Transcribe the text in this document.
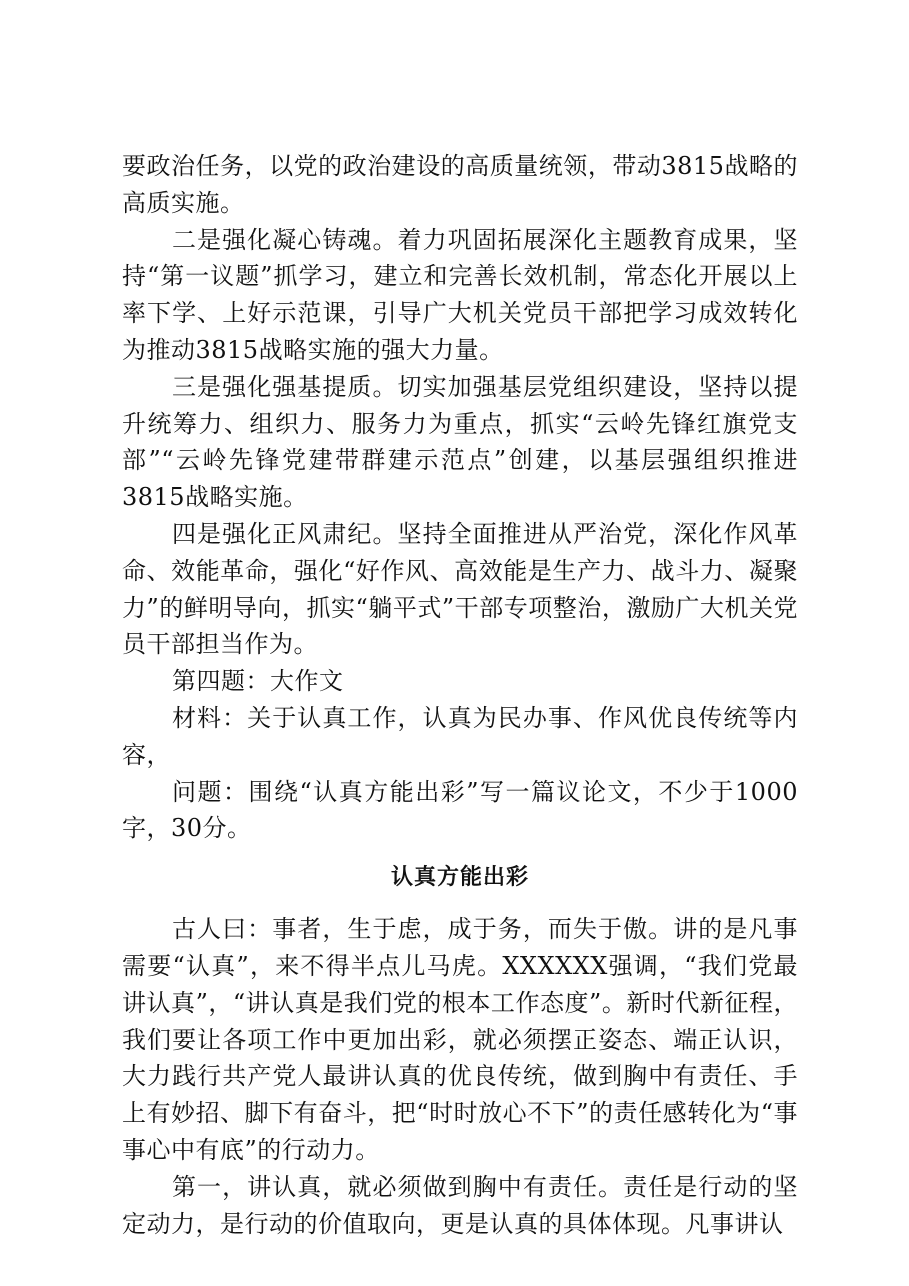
要政治任务，以党的政治建设的高质量统领，带动3815战略的高质实施。

二是强化凝心铸魂。着力巩固拓展深化主题教育成果，坚持“第一议题”抓学习，建立和完善长效机制，常态化开展以上率下学、上好示范课，引导广大机关党员干部把学习成效转化为推动3815战略实施的强大力量。

三是强化强基提质。切实加强基层党组织建设，坚持以提升统筹力、组织力、服务力为重点，抓实“云岭先锋红旗党支部”“云岭先锋党建带群建示范点”创建，以基层强组织推进3815战略实施。

四是强化正风肃纪。坚持全面推进从严治党，深化作风革命、效能革命，强化“好作风、高效能是生产力、战斗力、凝聚力”的鲜明导向，抓实“躺平式”干部专项整治，激励广大机关党员干部担当作为。

第四题：大作文

材料：关于认真工作，认真为民办事、作风优良传统等内容，

问题：围绕“认真方能出彩”写一篇议论文，不少于1000字，30分。

认真方能出彩

古人曰：事者，生于虑，成于务，而失于傲。讲的是凡事需要“认真”，来不得半点儿马虎。XXXXXX强调，“我们党最讲认真”，“讲认真是我们党的根本工作态度”。新时代新征程，我们要让各项工作中更加出彩，就必须摆正姿态、端正认识，大力践行共产党人最讲认真的优良传统，做到胸中有责任、手上有妙招、脚下有奋斗，把“时时放心不下”的责任感转化为“事事心中有底”的行动力。

第一，讲认真，就必须做到胸中有责任。责任是行动的坚定动力，是行动的价值取向，更是认真的具体体现。凡事讲认
